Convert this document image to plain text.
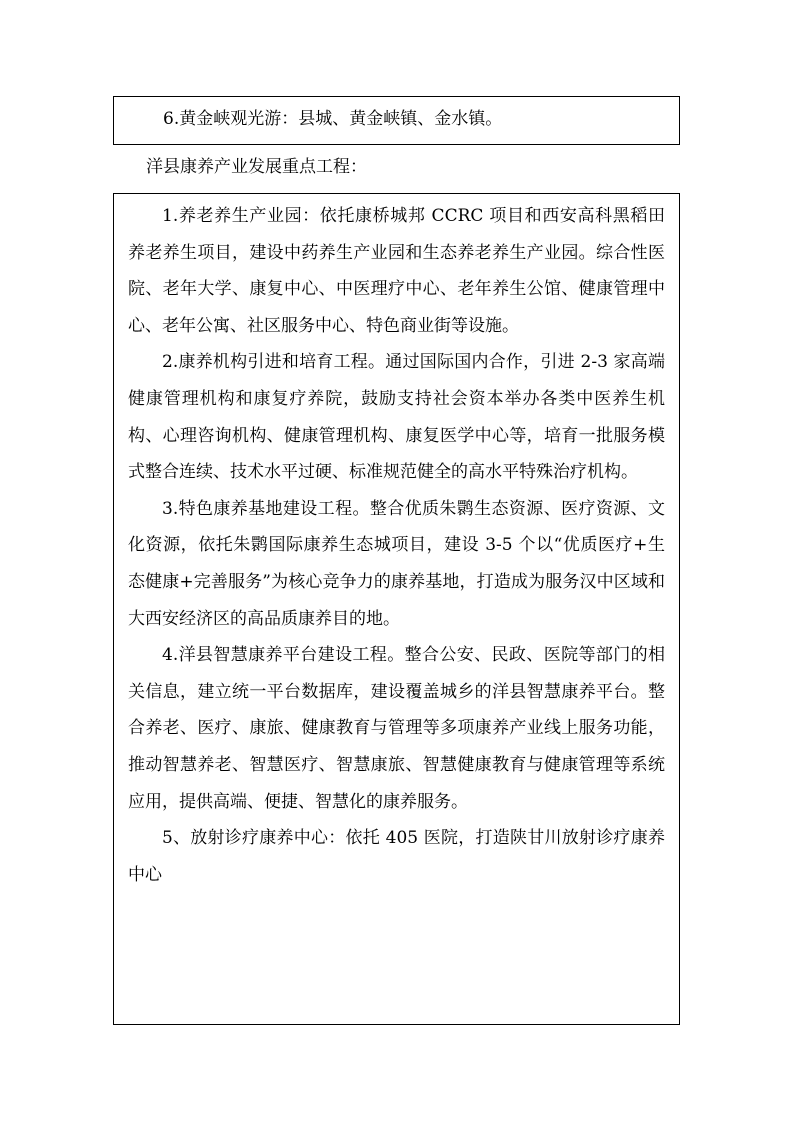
6.黄金峡观光游：县城、黄金峡镇、金水镇。
洋县康养产业发展重点工程：

1.养老养生产业园：依托康桥城邦 CCRC 项目和西安高科黑稻田养老养生项目，建设中药养生产业园和生态养老养生产业园。综合性医院、老年大学、康复中心、中医理疗中心、老年养生公馆、健康管理中心、老年公寓、社区服务中心、特色商业街等设施。

2.康养机构引进和培育工程。通过国际国内合作，引进 2-3 家高端健康管理机构和康复疗养院，鼓励支持社会资本举办各类中医养生机构、心理咨询机构、健康管理机构、康复医学中心等，培育一批服务模式整合连续、技术水平过硬、标准规范健全的高水平特殊治疗机构。

3.特色康养基地建设工程。整合优质朱鹮生态资源、医疗资源、文化资源，依托朱鹮国际康养生态城项目，建设 3-5 个以“优质医疗+生态健康+完善服务”为核心竞争力的康养基地，打造成为服务汉中区域和大西安经济区的高品质康养目的地。

4.洋县智慧康养平台建设工程。整合公安、民政、医院等部门的相关信息，建立统一平台数据库，建设覆盖城乡的洋县智慧康养平台。整合养老、医疗、康旅、健康教育与管理等多项康养产业线上服务功能，推动智慧养老、智慧医疗、智慧康旅、智慧健康教育与健康管理等系统应用，提供高端、便捷、智慧化的康养服务。

5、放射诊疗康养中心：依托 405 医院，打造陕甘川放射诊疗康养中心
